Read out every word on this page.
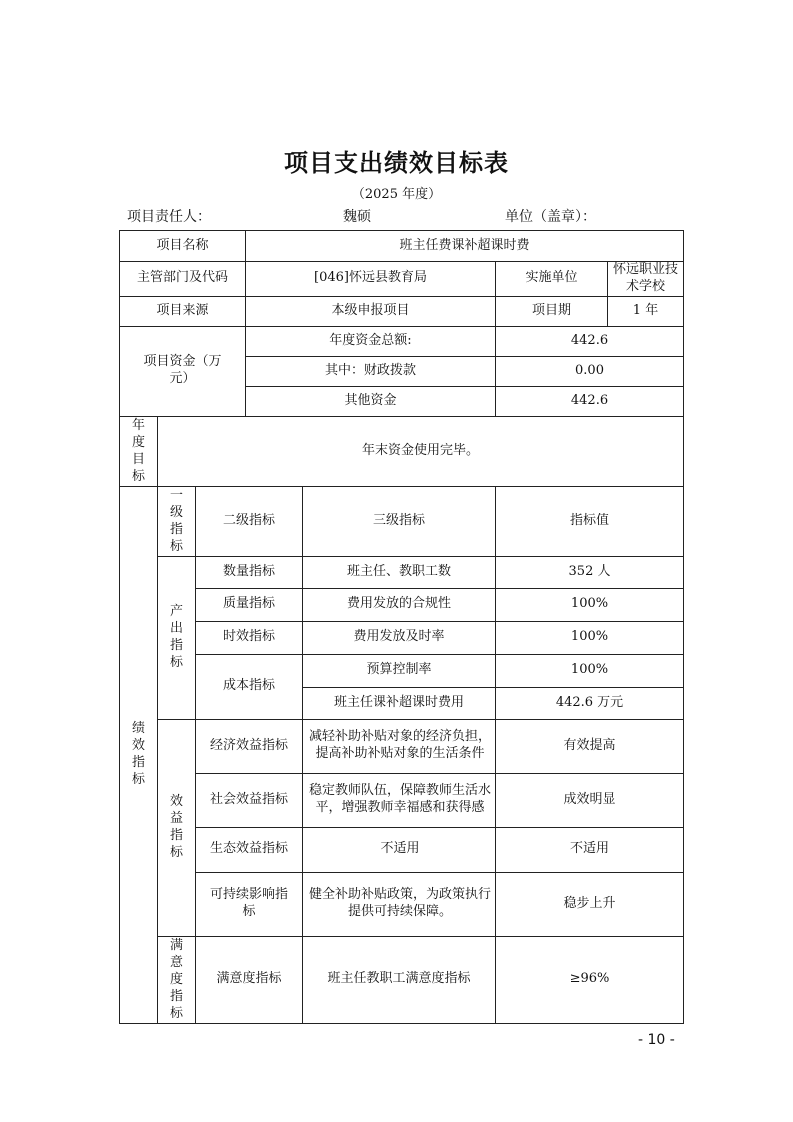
项目支出绩效目标表
（2025 年度）
项目责任人：	魏硕	单位（盖章）：
项目名称			班主任费课补超课时费			
主管部门及代码			[046]怀远县教育局		实施单位	怀远职业技术学校
项目来源			本级申报项目		项目期	1 年

项目资金（万元）			年度资金总额:		442.6	
			其中：财政拨款		0.00	
			其他资金		442.6	
年度目标	年末资金使用完毕。					
绩效指标	一级指标	二级指标		三级指标	指标值	
	产出指标	数量指标		班主任、教职工数	352 人	
		质量指标		费用发放的合规性	100%	
		时效指标		费用发放及时率	100%	
		成本指标		预算控制率	100%	
				班主任课补超课时费用	442.6 万元	
	效益指标	经济效益指标		减轻补助补贴对象的经济负担，提高补助补贴对象的生活条件	有效提高	
		社会效益指标		稳定教师队伍，保障教师生活水平，增强教师幸福感和获得感	成效明显	
		生态效益指标		不适用	不适用	

		可持续影响指标		健全补助补贴政策，为政策执行提供可持续保障。	稳步上升	
	满意度指标	满意度指标		班主任教职工满意度指标	≥96%	
- 10 -
